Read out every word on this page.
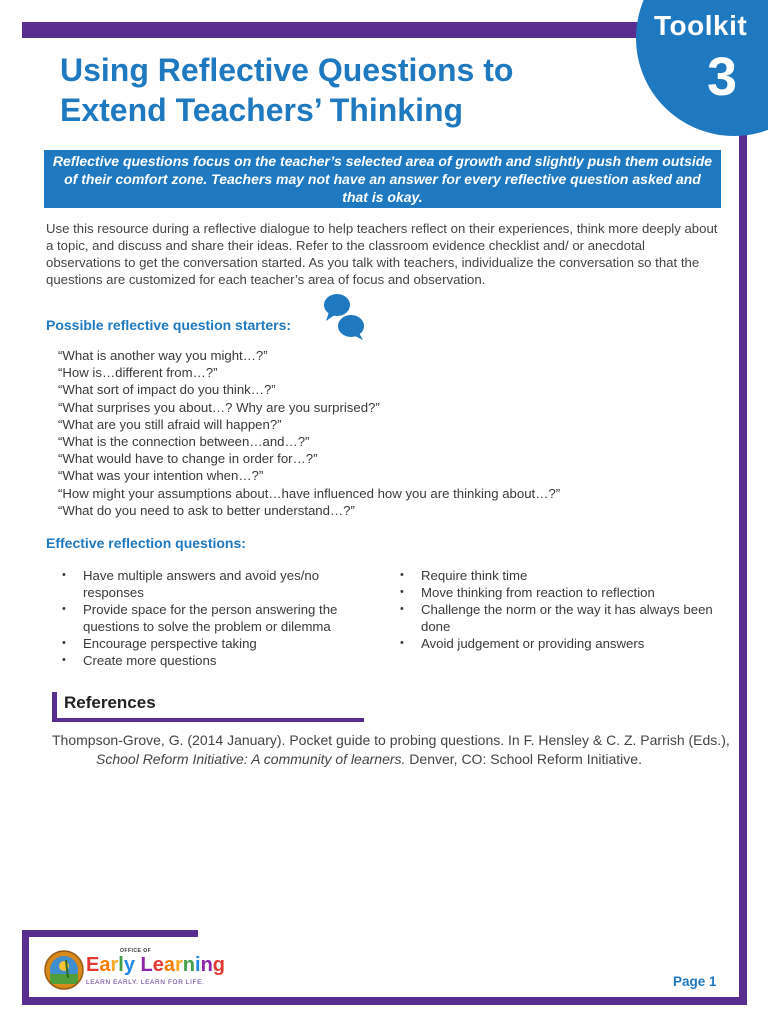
Toolkit
3
Using Reflective Questions to
Extend Teachers’ Thinking
Reflective questions focus on the teacher’s selected area of growth and slightly push them outside of their comfort zone. Teachers may not have an answer for every reflective question asked and that is okay.

Use this resource during a reflective dialogue to help teachers reflect on their experiences, think more deeply about a topic, and discuss and share their ideas. Refer to the classroom evidence checklist and/ or anecdotal observations to get the conversation started. As you talk with teachers, individualize the conversation so that the questions are customized for each teacher’s area of focus and observation.

Possible reflective question starters:
“What is another way you might…?”
“How is…different from…?”
“What sort of impact do you think…?”
“What surprises you about…? Why are you surprised?”
“What are you still afraid will happen?”
“What is the connection between…and…?”
“What would have to change in order for…?”
“What was your intention when…?”
“How might your assumptions about…have influenced how you are thinking about…?”
“What do you need to ask to better understand…?”
Effective reflection questions:
• Have multiple answers and avoid yes/no responses
• Provide space for the person answering the questions to solve the problem or dilemma
• Encourage perspective taking
• Create more questions
• Require think time
• Move thinking from reaction to reflection
• Challenge the norm or the way it has always been done
• Avoid judgement or providing answers
References

Thompson-Grove, G. (2014 January). Pocket guide to probing questions. In F. Hensley & C. Z. Parrish (Eds.), School Reform Initiative: A community of learners. Denver, CO: School Reform Initiative.

OFFICE OF
Early Learning
LEARN EARLY. LEARN FOR LIFE.	Page 1
